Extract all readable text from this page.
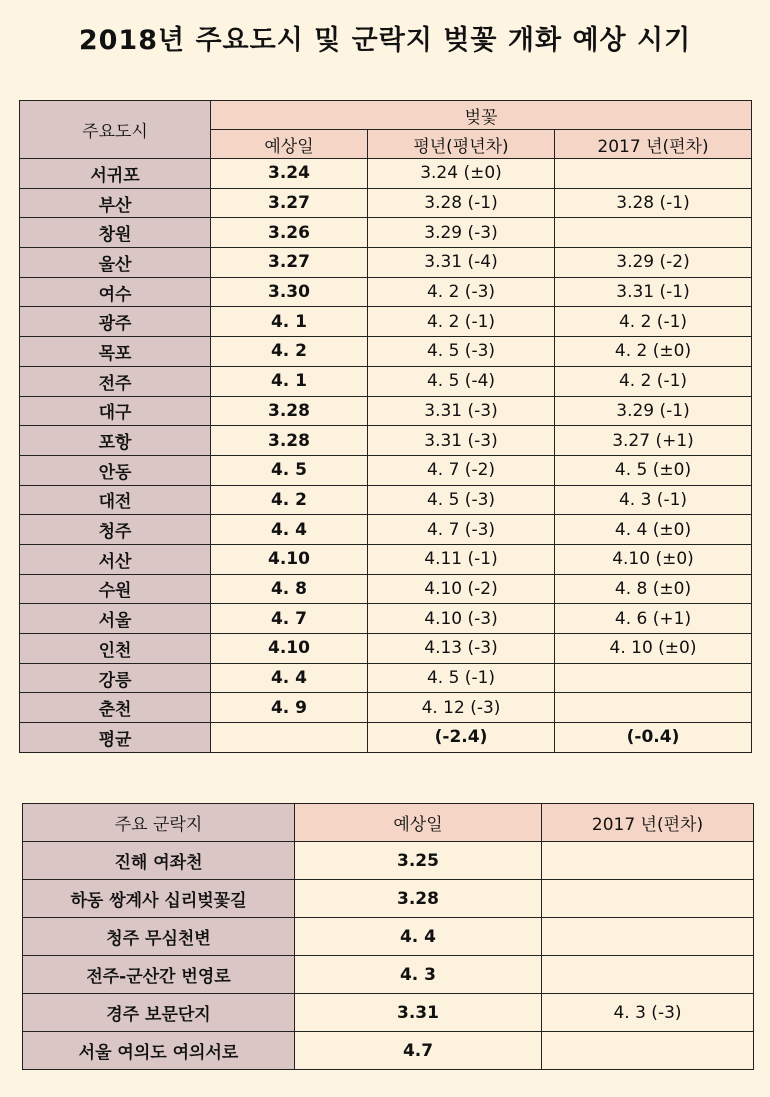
2018년 주요도시 및 군락지 벚꽃 개화 예상 시기
주요도시	벚꽃		
	예상일	평년(평년차)	2017 년(편차)
서귀포	3.24	3.24 (±0)	
부산	3.27	3.28 (-1)	3.28 (-1)
창원	3.26	3.29 (-3)	
울산	3.27	3.31 (-4)	3.29 (-2)
여수	3.30	4. 2 (-3)	3.31 (-1)
광주	4. 1	4. 2 (-1)	4. 2 (-1)
목포	4. 2	4. 5 (-3)	4. 2 (±0)
전주	4. 1	4. 5 (-4)	4. 2 (-1)
대구	3.28	3.31 (-3)	3.29 (-1)
포항	3.28	3.31 (-3)	3.27 (+1)
안동	4. 5	4. 7 (-2)	4. 5 (±0)
대전	4. 2	4. 5 (-3)	4. 3 (-1)
청주	4. 4	4. 7 (-3)	4. 4 (±0)
서산	4.10	4.11 (-1)	4.10 (±0)
수원	4. 8	4.10 (-2)	4. 8 (±0)
서울	4. 7	4.10 (-3)	4. 6 (+1)
인천	4.10	4.13 (-3)	4. 10 (±0)
강릉	4. 4	4. 5 (-1)	
춘천	4. 9	4. 12 (-3)	
평균		(-2.4)	(-0.4)
주요 군락지	예상일	2017 년(편차)
진해 여좌천	3.25	
하동 쌍계사 십리벚꽃길	3.28	
청주 무심천변	4. 4	
전주-군산간 번영로	4. 3	
경주 보문단지	3.31	4. 3 (-3)
서울 여의도 여의서로	4.7	
